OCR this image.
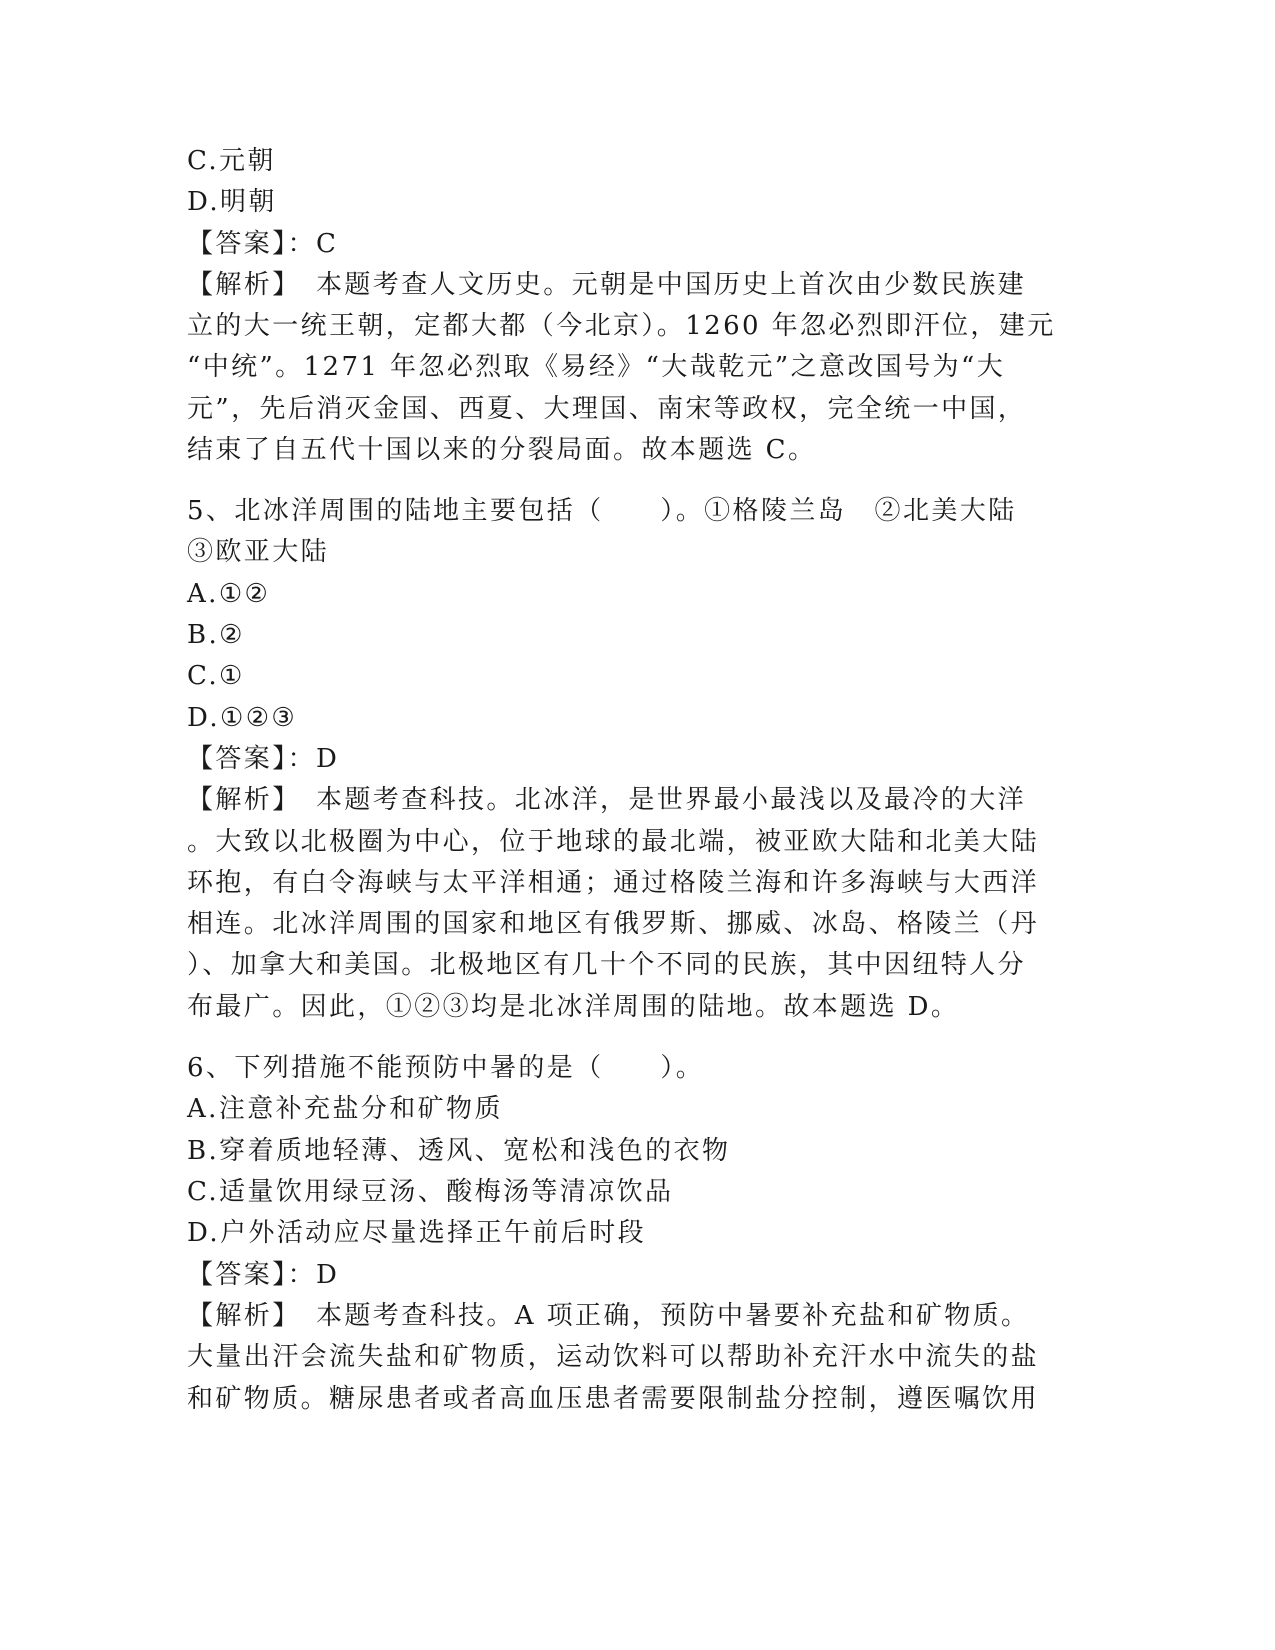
C.元朝
D.明朝
【答案】：C
【解析】　本题考查人文历史。元朝是中国历史上首次由少数民族建
立的大一统王朝，定都大都（今北京）。1260 年忽必烈即汗位，建元
“中统”。1271 年忽必烈取《易经》“大哉乾元”之意改国号为“大
元”，先后消灭金国、西夏、大理国、南宋等政权，完全统一中国，
结束了自五代十国以来的分裂局面。故本题选 C。
5、北冰洋周围的陆地主要包括（　　）。①格陵兰岛　②北美大陆
③欧亚大陆
A.①②
B.②
C.①
D.①②③
【答案】：D
【解析】　本题考查科技。北冰洋，是世界最小最浅以及最冷的大洋
。大致以北极圈为中心，位于地球的最北端，被亚欧大陆和北美大陆
环抱，有白令海峡与太平洋相通；通过格陵兰海和许多海峡与大西洋
相连。北冰洋周围的国家和地区有俄罗斯、挪威、冰岛、格陵兰（丹
）、加拿大和美国。北极地区有几十个不同的民族，其中因纽特人分
布最广。因此，①②③均是北冰洋周围的陆地。故本题选 D。
6、下列措施不能预防中暑的是（　　）。
A.注意补充盐分和矿物质
B.穿着质地轻薄、透风、宽松和浅色的衣物
C.适量饮用绿豆汤、酸梅汤等清凉饮品
D.户外活动应尽量选择正午前后时段
【答案】：D
【解析】　本题考查科技。A 项正确，预防中暑要补充盐和矿物质。
大量出汗会流失盐和矿物质，运动饮料可以帮助补充汗水中流失的盐
和矿物质。糖尿患者或者高血压患者需要限制盐分控制，遵医嘱饮用
